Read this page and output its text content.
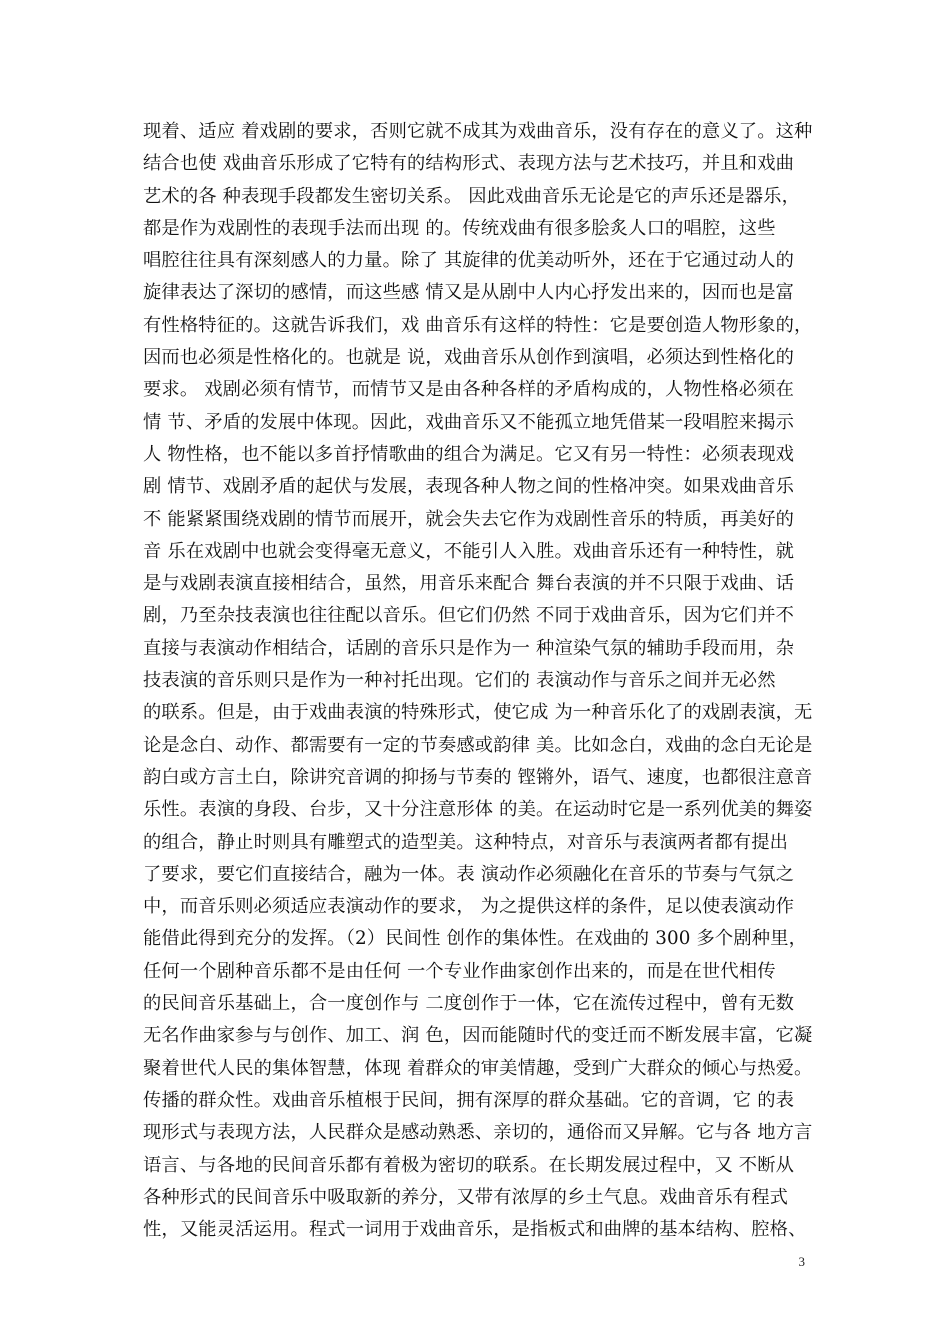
现着、适应 着戏剧的要求，否则它就不成其为戏曲音乐，没有存在的意义了。这种
结合也使 戏曲音乐形成了它特有的结构形式、表现方法与艺术技巧，并且和戏曲
艺术的各 种表现手段都发生密切关系。 因此戏曲音乐无论是它的声乐还是器乐，
都是作为戏剧性的表现手法而出现 的。传统戏曲有很多脍炙人口的唱腔，这些
唱腔往往具有深刻感人的力量。除了 其旋律的优美动听外，还在于它通过动人的
旋律表达了深切的感情，而这些感 情又是从剧中人内心抒发出来的，因而也是富
有性格特征的。这就告诉我们，戏 曲音乐有这样的特性：它是要创造人物形象的，
因而也必须是性格化的。也就是 说，戏曲音乐从创作到演唱，必须达到性格化的
要求。 戏剧必须有情节，而情节又是由各种各样的矛盾构成的，人物性格必须在
情 节、矛盾的发展中体现。因此，戏曲音乐又不能孤立地凭借某一段唱腔来揭示
人 物性格，也不能以多首抒情歌曲的组合为满足。它又有另一特性：必须表现戏
剧 情节、戏剧矛盾的起伏与发展，表现各种人物之间的性格冲突。如果戏曲音乐
不 能紧紧围绕戏剧的情节而展开，就会失去它作为戏剧性音乐的特质，再美好的
音 乐在戏剧中也就会变得毫无意义，不能引人入胜。戏曲音乐还有一种特性，就
是与戏剧表演直接相结合，虽然，用音乐来配合 舞台表演的并不只限于戏曲、话
剧，乃至杂技表演也往往配以音乐。但它们仍然 不同于戏曲音乐，因为它们并不
直接与表演动作相结合，话剧的音乐只是作为一 种渲染气氛的辅助手段而用，杂
技表演的音乐则只是作为一种衬托出现。它们的 表演动作与音乐之间并无必然
的联系。但是，由于戏曲表演的特殊形式，使它成 为一种音乐化了的戏剧表演，无
论是念白、动作、都需要有一定的节奏感或韵律 美。比如念白，戏曲的念白无论是
韵白或方言土白，除讲究音调的抑扬与节奏的 铿锵外，语气、速度，也都很注意音
乐性。表演的身段、台步，又十分注意形体 的美。在运动时它是一系列优美的舞姿
的组合，静止时则具有雕塑式的造型美。这种特点，对音乐与表演两者都有提出
了要求，要它们直接结合，融为一体。表 演动作必须融化在音乐的节奏与气氛之
中，而音乐则必须适应表演动作的要求， 为之提供这样的条件，足以使表演动作
能借此得到充分的发挥。（2）民间性 创作的集体性。在戏曲的 300 多个剧种里，
任何一个剧种音乐都不是由任何 一个专业作曲家创作出来的，而是在世代相传
的民间音乐基础上，合一度创作与 二度创作于一体，它在流传过程中，曾有无数
无名作曲家参与与创作、加工、润 色，因而能随时代的变迁而不断发展丰富，它凝
聚着世代人民的集体智慧，体现 着群众的审美情趣，受到广大群众的倾心与热爱。
传播的群众性。戏曲音乐植根于民间，拥有深厚的群众基础。它的音调，它 的表
现形式与表现方法，人民群众是感动熟悉、亲切的，通俗而又异解。它与各 地方言
语言、与各地的民间音乐都有着极为密切的联系。在长期发展过程中，又 不断从
各种形式的民间音乐中吸取新的养分，又带有浓厚的乡土气息。戏曲音乐有程式
性，又能灵活运用。程式一词用于戏曲音乐，是指板式和曲牌的基本结构、腔格、
3
